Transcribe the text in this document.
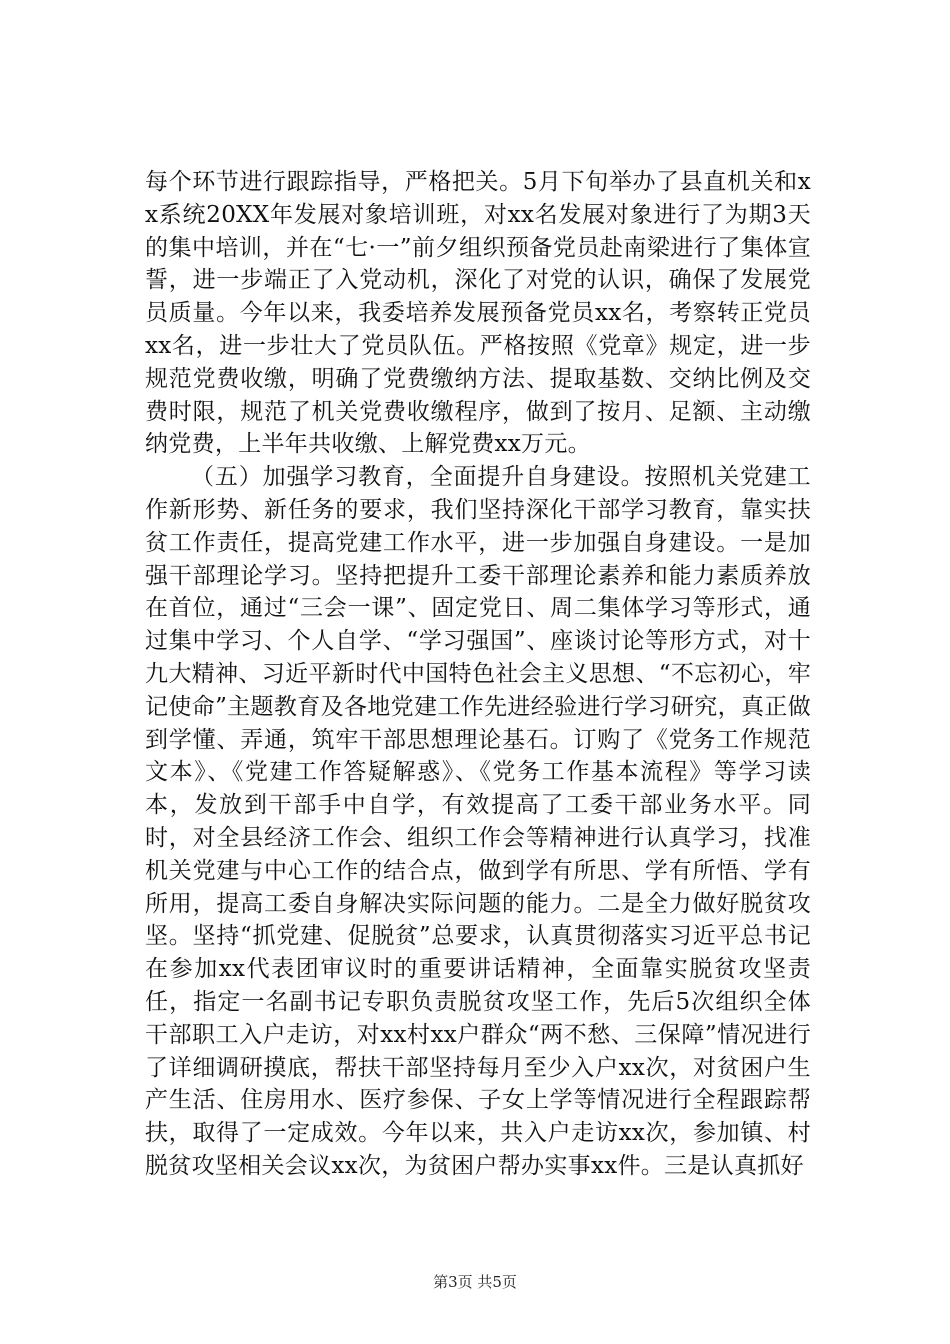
每个环节进行跟踪指导，严格把关。5月下旬举办了县直机关和xx系统20XX年发展对象培训班，对xx名发展对象进行了为期3天的集中培训，并在“七·一”前夕组织预备党员赴南梁进行了集体宣誓，进一步端正了入党动机，深化了对党的认识，确保了发展党员质量。今年以来，我委培养发展预备党员xx名，考察转正党员xx名，进一步壮大了党员队伍。严格按照《党章》规定，进一步规范党费收缴，明确了党费缴纳方法、提取基数、交纳比例及交费时限，规范了机关党费收缴程序，做到了按月、足额、主动缴纳党费，上半年共收缴、上解党费xx万元。

（五）加强学习教育，全面提升自身建设。按照机关党建工作新形势、新任务的要求，我们坚持深化干部学习教育，靠实扶贫工作责任，提高党建工作水平，进一步加强自身建设。一是加强干部理论学习。坚持把提升工委干部理论素养和能力素质养放在首位，通过“三会一课”、固定党日、周二集体学习等形式，通过集中学习、个人自学、“学习强国”、座谈讨论等形方式，对十九大精神、习近平新时代中国特色社会主义思想、“不忘初心，牢记使命”主题教育及各地党建工作先进经验进行学习研究，真正做到学懂、弄通，筑牢干部思想理论基石。订购了《党务工作规范文本》、《党建工作答疑解惑》、《党务工作基本流程》等学习读本，发放到干部手中自学，有效提高了工委干部业务水平。同时，对全县经济工作会、组织工作会等精神进行认真学习，找准机关党建与中心工作的结合点，做到学有所思、学有所悟、学有所用，提高工委自身解决实际问题的能力。二是全力做好脱贫攻坚。坚持“抓党建、促脱贫”总要求，认真贯彻落实习近平总书记在参加xx代表团审议时的重要讲话精神，全面靠实脱贫攻坚责任，指定一名副书记专职负责脱贫攻坚工作，先后5次组织全体干部职工入户走访，对xx村xx户群众“两不愁、三保障”情况进行了详细调研摸底，帮扶干部坚持每月至少入户xx次，对贫困户生产生活、住房用水、医疗参保、子女上学等情况进行全程跟踪帮扶，取得了一定成效。今年以来，共入户走访xx次，参加镇、村脱贫攻坚相关会议xx次，为贫困户帮办实事xx件。三是认真抓好

第3页 共5页
